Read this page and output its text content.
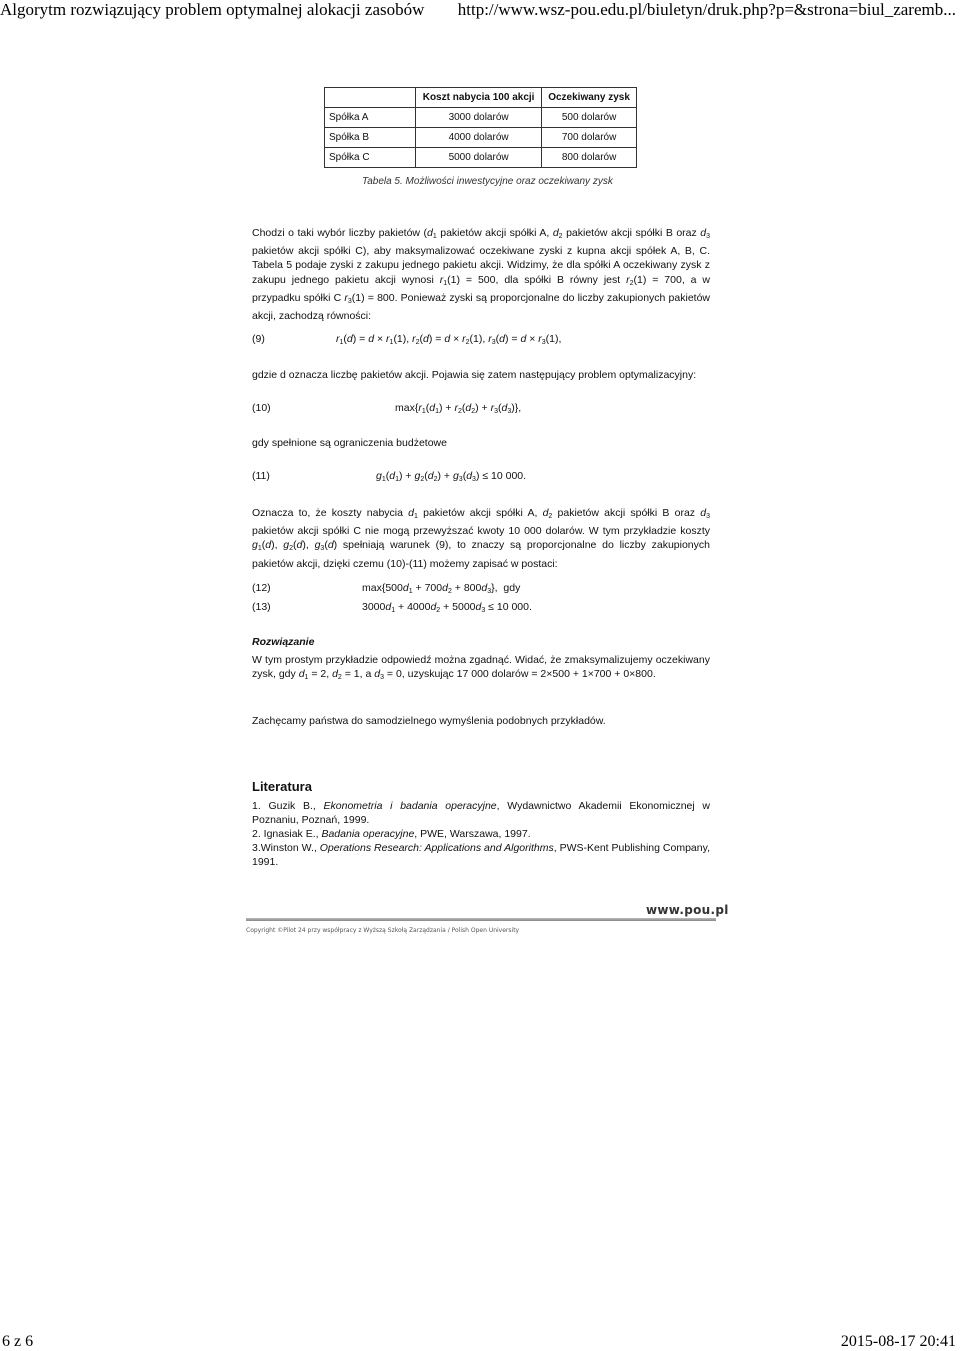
Algorytm rozwiązujący problem optymalnej alokacji zasobów http://www.wsz-pou.edu.pl/biuletyn/druk.php?p=&strona=biul_zaremb...
	Koszt nabycia 100 akcji	Oczekiwany zysk
Spółka A	3000 dolarów	500 dolarów
Spółka B	4000 dolarów	700 dolarów
Spółka C	5000 dolarów	800 dolarów
Tabela 5. Możliwości inwestycyjne oraz oczekiwany zysk
Chodzi o taki wybór liczby pakietów ($d_1$ pakietów akcji spółki A, $d_2$ pakietów akcji spółki B oraz $d_3$ pakietów akcji spółki C), aby maksymalizować oczekiwane zyski z kupna akcji spółek A, B, C. Tabela 5 podaje zyski z zakupu jednego pakietu akcji. Widzimy, że dla spółki A oczekiwany zysk z zakupu jednego pakietu akcji wynosi $r_1(1) = 500$, dla spółki B równy jest $r_2(1) = 700$, a w przypadku spółki C $r_3(1) = 800$. Ponieważ zyski są proporcjonalne do liczby zakupionych pakietów akcji, zachodzą równości:
(9)	$r_1(d) = d \times r_1(1)$, $r_2(d) = d \times r_2(1)$, $r_3(d) = d \times r_3(1)$,
gdzie d oznacza liczbę pakietów akcji. Pojawia się zatem następujący problem optymalizacyjny:
(10)	$\max\{r_1(d_1) + r_2(d_2) + r_3(d_3)\}$,
gdy spełnione są ograniczenia budżetowe
(11)	$g_1(d_1) + g_2(d_2) + g_3(d_3) \le 10$ 000.
Oznacza to, że koszty nabycia $d_1$ pakietów akcji spółki A, $d_2$ pakietów akcji spółki B oraz $d_3$ pakietów akcji spółki C nie mogą przewyższać kwoty 10 000 dolarów. W tym przykładzie koszty $g_1(d)$, $g_2(d)$, $g_3(d)$ spełniają warunek (9), to znaczy są proporcjonalne do liczby zakupionych pakietów akcji, dzięki czemu (10)-(11) możemy zapisać w postaci:
(12)	$\max\{500d_1 + 700d_2 + 800d_3\}$,  gdy
(13)	$3000d_1 + 4000d_2 + 5000d_3 \le 10$ 000.
Rozwiązanie
W tym prostym przykładzie odpowiedź można zgadnąć. Widać, że zmaksymalizujemy oczekiwany zysk, gdy $d_1 = 2$, $d_2 = 1$, a $d_3 = 0$, uzyskując 17 000 dolarów = 2×500 + 1×700 + 0×800.
Zachęcamy państwa do samodzielnego wymyślenia podobnych przykładów.
Literatura
1. Guzik B., Ekonometria i badania operacyjne, Wydawnictwo Akademii Ekonomicznej w Poznaniu, Poznań, 1999.
2. Ignasiak E., Badania operacyjne, PWE, Warszawa, 1997.
3.Winston W., Operations Research: Applications and Algorithms, PWS-Kent Publishing Company, 1991.
www.pou.pl
Copyright ©Pilot 24 przy współpracy z Wyższą Szkołą Zarządzania / Polish Open University
6 z 6	2015-08-17 20:41
